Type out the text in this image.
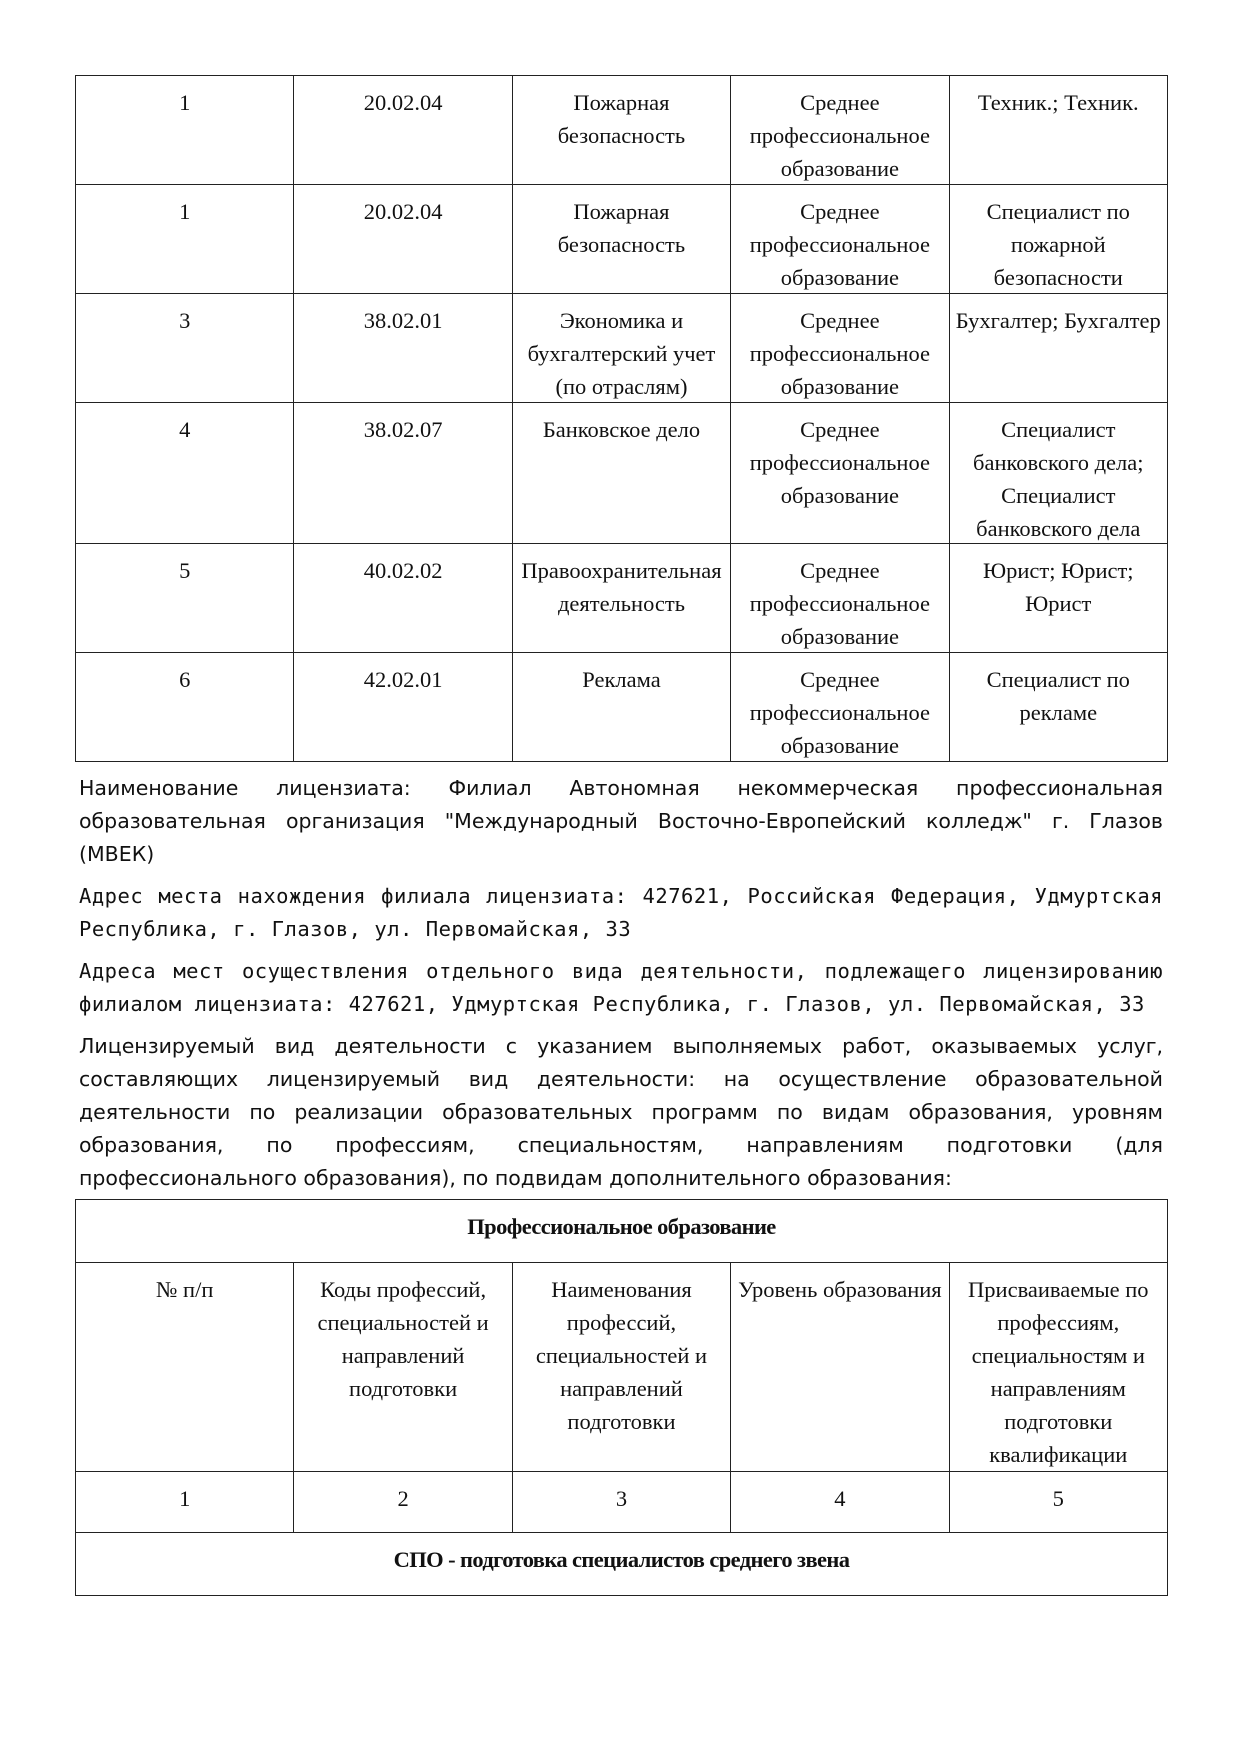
1	20.02.04	Пожарная безопасность	Среднее профессиональное образование	Техник.; Техник.

1	20.02.04	Пожарная безопасность	Среднее профессиональное образование	Специалист по пожарной безопасности

3	38.02.01	Экономика и бухгалтерский учет (по отраслям)	Среднее профессиональное образование	Бухгалтер; Бухгалтер

4	38.02.07	Банковское дело	Среднее профессиональное образование	Специалист банковского дела; Специалист банковского дела

5	40.02.02	Правоохранительная деятельность	Среднее профессиональное образование	Юрист; Юрист; Юрист

6	42.02.01	Реклама	Среднее профессиональное образование	Специалист по рекламе

Наименование лицензиата: Филиал Автономная некоммерческая профессиональная образовательная организация "Международный Восточно-Европейский колледж" г. Глазов (МВЕК)

Адрес места нахождения филиала лицензиата: 427621, Российская Федерация, Удмуртская Республика, г. Глазов, ул. Первомайская, 33

Адреса мест осуществления отдельного вида деятельности, подлежащего лицензированию филиалом лицензиата: 427621, Удмуртская Республика, г. Глазов, ул. Первомайская, 33

Лицензируемый вид деятельности с указанием выполняемых работ, оказываемых услуг, составляющих лицензируемый вид деятельности: на осуществление образовательной деятельности по реализации образовательных программ по видам образования, уровням образования, по профессиям, специальностям, направлениям подготовки (для профессионального образования), по подвидам дополнительного образования:

Профессиональное образование				

№ п/п	Коды профессий, специальностей и направлений подготовки	Наименования профессий, специальностей и направлений подготовки	Уровень образования	Присваиваемые по профессиям, специальностям и направлениям подготовки квалификации

1	2	3	4	5

СПО - подготовка специалистов среднего звена				
